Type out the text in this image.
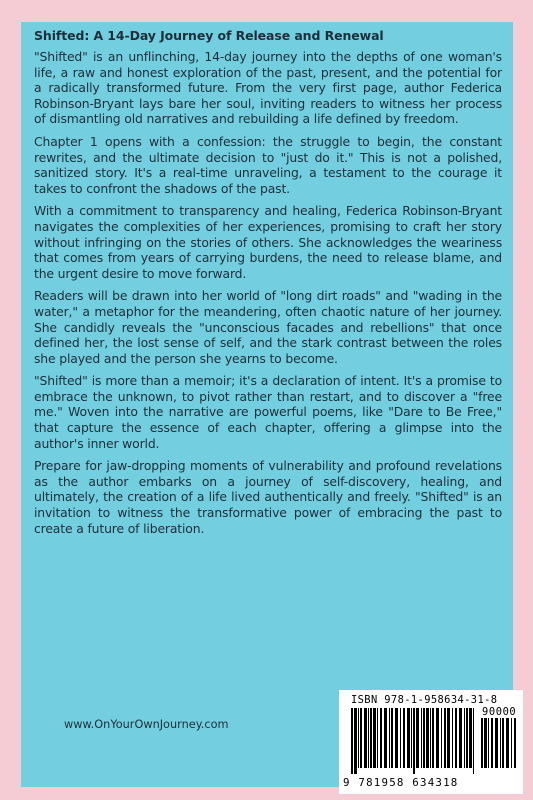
Shifted: A 14-Day Journey of Release and Renewal

"Shifted" is an unflinching, 14-day journey into the depths of one woman's life, a raw and honest exploration of the past, present, and the potential for a radically transformed future. From the very first page, author Federica Robinson-Bryant lays bare her soul, inviting readers to witness her process of dismantling old narratives and rebuilding a life defined by freedom.

Chapter 1 opens with a confession: the struggle to begin, the constant rewrites, and the ultimate decision to "just do it." This is not a polished, sanitized story. It's a real-time unraveling, a testament to the courage it takes to confront the shadows of the past.

With a commitment to transparency and healing, Federica Robinson-Bryant navigates the complexities of her experiences, promising to craft her story without infringing on the stories of others. She acknowledges the weariness that comes from years of carrying burdens, the need to release blame, and the urgent desire to move forward.

Readers will be drawn into her world of "long dirt roads" and "wading in the water," a metaphor for the meandering, often chaotic nature of her journey. She candidly reveals the "unconscious facades and rebellions" that once defined her, the lost sense of self, and the stark contrast between the roles she played and the person she yearns to become.

"Shifted" is more than a memoir; it's a declaration of intent. It's a promise to embrace the unknown, to pivot rather than restart, and to discover a "free me." Woven into the narrative are powerful poems, like "Dare to Be Free," that capture the essence of each chapter, offering a glimpse into the author's inner world.

Prepare for jaw-dropping moments of vulnerability and profound revelations as the author embarks on a journey of self-discovery, healing, and ultimately, the creation of a life lived authentically and freely. "Shifted" is an invitation to witness the transformative power of embracing the past to create a future of liberation.

www.OnYourOwnJourney.com
ISBN 978-1-958634-31-8
90000
9 781958 634318
